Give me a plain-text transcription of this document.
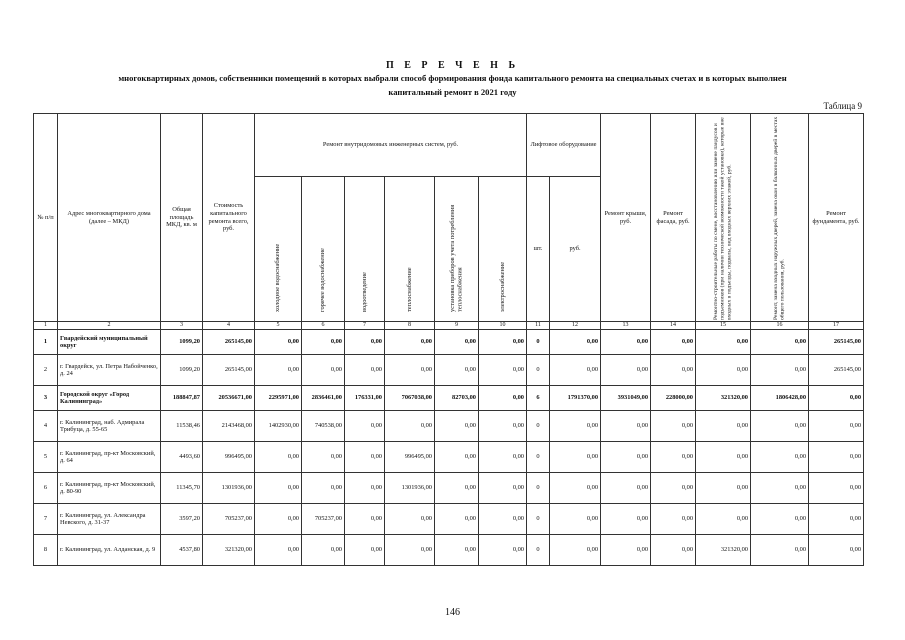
П Е Р Е Ч Е Н Ь
многоквартирных домов, собственники помещений в которых выбрали способ формирования фонда капитального ремонта на специальных счетах и в которых выполнен
капитальный ремонт в 2021 году
Таблица 9
№ п/п	Адрес многоквартирного дома (далее – МКД)	Общая площадь МКД, кв. м	Стоимость капитального ремонта всего, руб.	Ремонт внутридомовых инженерных систем, руб.						Лифтовое оборудование		Ремонт крыши, руб.	Ремонт фасада, руб.	Ремонтно-строительные работы по смене, восстановлению или замене пандусов и подъемников (при наличии технической возможности такой установки), которые вне входных в подъезды, подвалы, вид входных верхних этажей, руб.	Ремонт, замена входных наружных дверей, замена окон в балконных дверей в местах общего пользования, руб.	Ремонт фундамента, руб.

				холодное водоснабжение	горячее водоснабжение	водоотведение	теплоснабжение	установка приборов учета потребления теплоснабжения	электроснабжение	шт.	руб.					
1	2	3	4	5	6	7	8	9	10	11	12	13	14	15	16	17
1	Гвардейский муниципальный округ	1099,20	265145,00	0,00	0,00	0,00	0,00	0,00	0,00	0	0,00	0,00	0,00	0,00	0,00	265145,00
2	г. Гвардейск, ул. Петра Набойченко, д. 24	1099,20	265145,00	0,00	0,00	0,00	0,00	0,00	0,00	0	0,00	0,00	0,00	0,00	0,00	265145,00
3	Городской округ «Город Калининград»	188847,87	20536671,00	2295971,00	2836461,00	176331,00	7067038,00	82703,00	0,00	6	1791370,00	3931049,00	228000,00	321320,00	1806428,00	0,00
4	г. Калининград, наб. Адмирала Трибуца, д. 55-65	11538,46	2143468,00	1402930,00	740538,00	0,00	0,00	0,00	0,00	0	0,00	0,00	0,00	0,00	0,00	0,00
5	г. Калининград, пр-кт Московский, д. 64	4493,60	996495,00	0,00	0,00	0,00	996495,00	0,00	0,00	0	0,00	0,00	0,00	0,00	0,00	0,00
6	г. Калининград, пр-кт Московский, д. 80-90	11345,70	1301936,00	0,00	0,00	0,00	1301936,00	0,00	0,00	0	0,00	0,00	0,00	0,00	0,00	0,00
7	г. Калининград, ул. Александра Невского, д. 31-37	3597,20	705237,00	0,00	705237,00	0,00	0,00	0,00	0,00	0	0,00	0,00	0,00	0,00	0,00	0,00
8	г. Калининград, ул. Алданская, д. 9	4537,80	321320,00	0,00	0,00	0,00	0,00	0,00	0,00	0	0,00	0,00	0,00	321320,00	0,00	0,00
146
